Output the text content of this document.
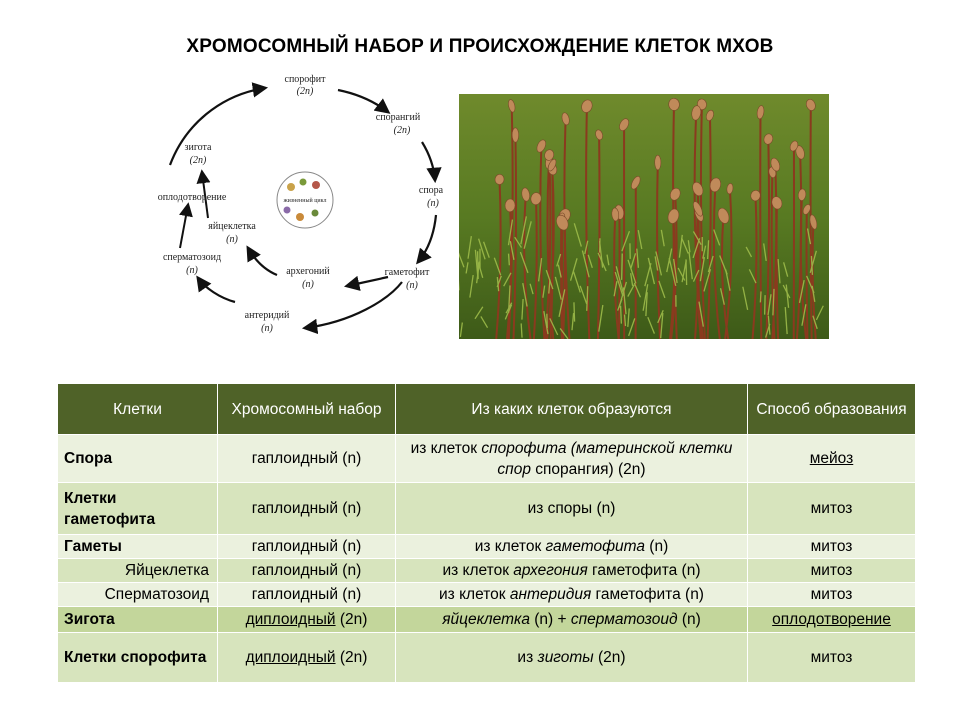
ХРОМОСОМНЫЙ НАБОР И ПРОИСХОЖДЕНИЕ КЛЕТОК МХОВ
жизненный цикл
спорофит
(2n)
спорангий
(2n)
спора
(n)
гаметофит
(n)
антеридий
(n)
архегоний
(n)
сперматозоид
(n)
яйцеклетка
(n)
оплодотворение
зигота
(2n)
Клетки	Хромосомный набор	Из каких клеток образуются	Способ образования
Спора	гаплоидный (n)	из клеток спорофита (материнской клетки спор спорангия) (2n)	мейоз
Клетки гаметофита	гаплоидный (n)	из споры (n)	митоз
Гаметы	гаплоидный (n)	из клеток гаметофита (n)	митоз
Яйцеклетка	гаплоидный (n)	из клеток архегония гаметофита (n)	митоз
Сперматозоид	гаплоидный (n)	из клеток антеридия гаметофита (n)	митоз
Зигота	диплоидный (2n)	яйцеклетка (n) + сперматозоид (n)	оплодотворение
Клетки спорофита	диплоидный (2n)	из зиготы (2n)	митоз
